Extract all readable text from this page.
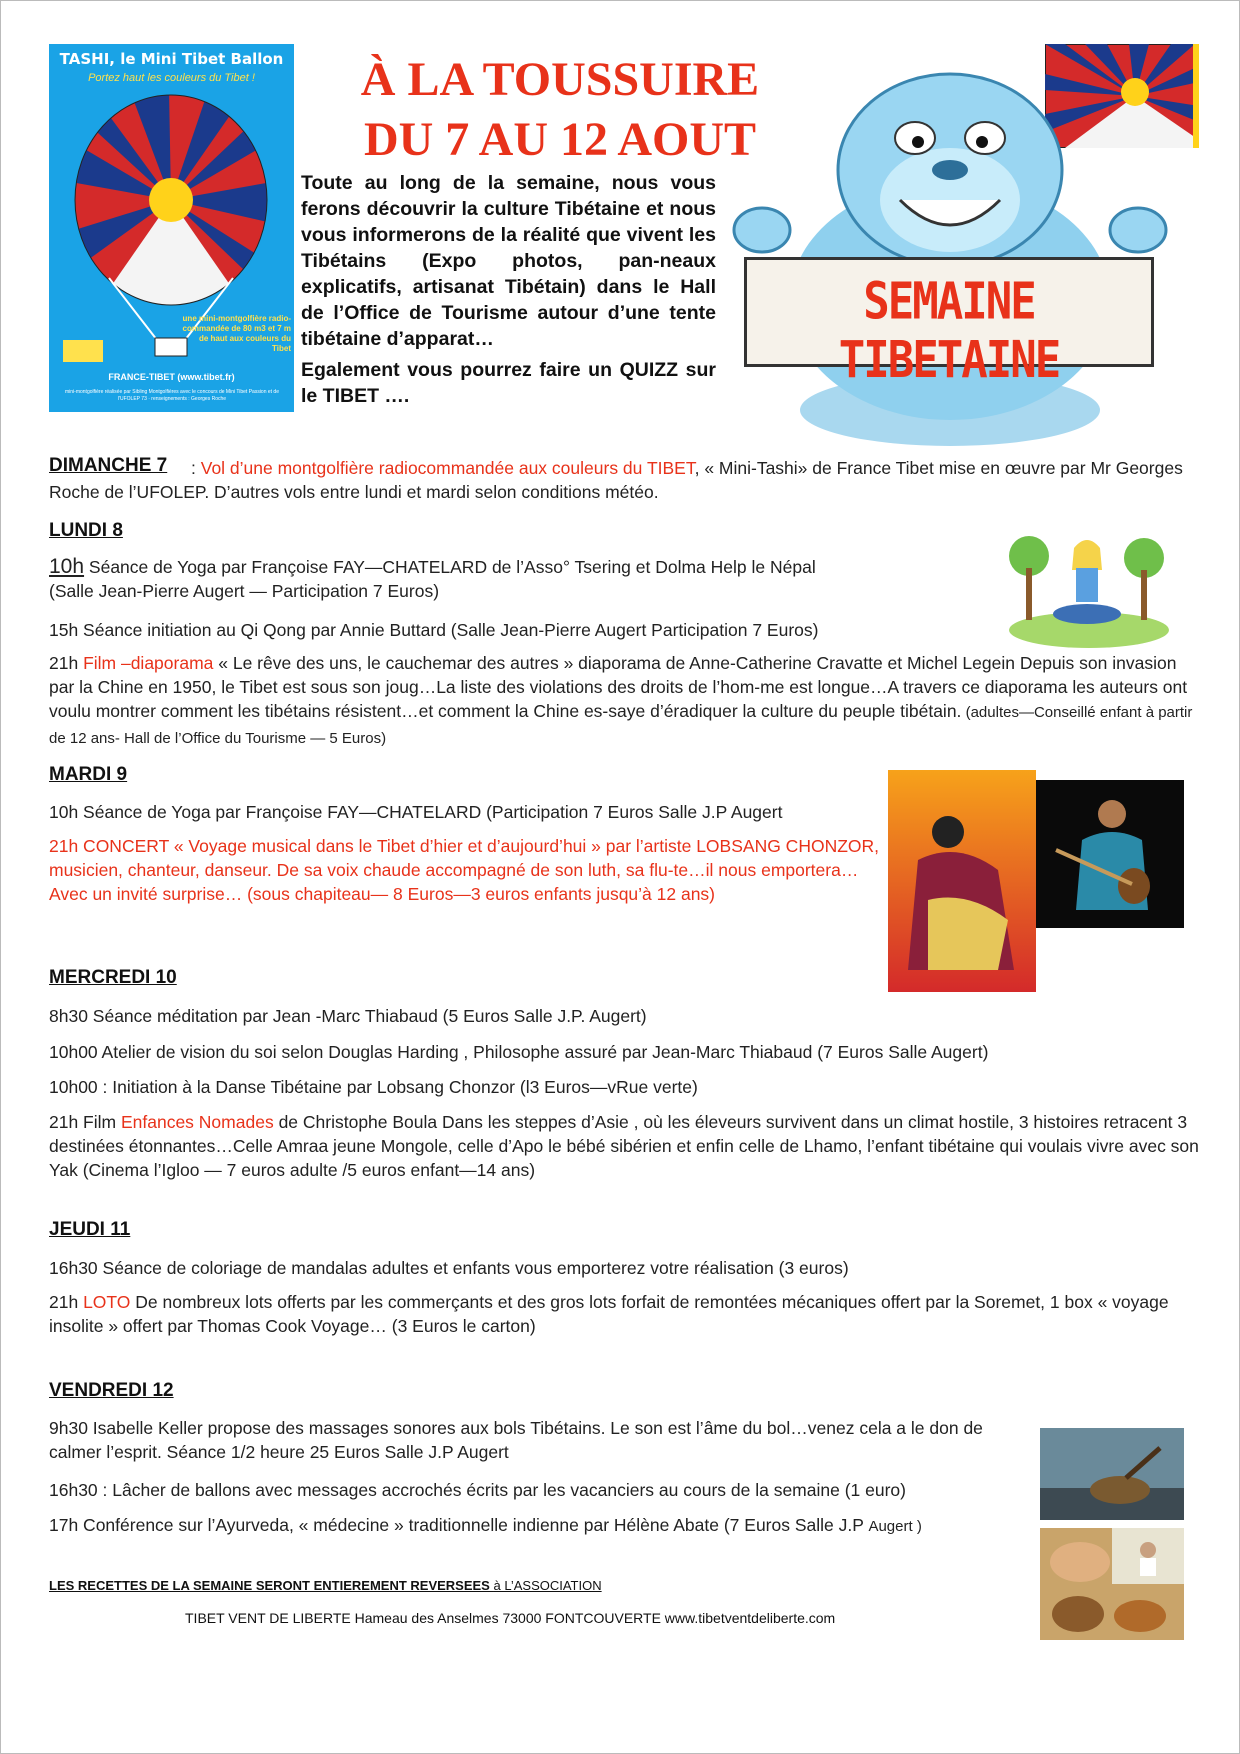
TASHI, le Mini Tibet Ballon
Portez haut les couleurs du Tibet !
une mini-montgolfière radio-commandée de 80 m3 et 7 m de haut aux couleurs du Tibet
FRANCE-TIBET (www.tibet.fr)
mini-montgolfière réalisée par Sibling Montgolfières avec le concours de Mini Tibet Passion et de l'UFOLEP 73 · renseignements : Georges Roche
À LA TOUSSUIRE
DU 7 AU 12 AOUT

Toute au long de la semaine, nous vous ferons découvrir la culture Tibétaine et nous vous informerons de la réalité que vivent les Tibétains (Expo photos, pan-neaux explicatifs, artisanat Tibétain) dans le Hall de l’Office de Tourisme autour d’une tente tibétaine d’apparat…

Egalement vous pourrez faire un QUIZZ sur le TIBET ….

SEMAINE TIBETAINE
DIMANCHE 7	: Vol d’une montgolfière radiocommandée aux couleurs du TIBET, « Mini-Tashi» de France Tibet mise en œuvre par Mr Georges Roche de l’UFOLEP. D’autres vols entre lundi et mardi selon conditions météo.
LUNDI 8
10h Séance de Yoga par Françoise FAY—CHATELARD de l’Asso° Tsering et Dolma Help le Népal
(Salle Jean-Pierre Augert — Participation 7 Euros)
15h Séance initiation au Qi Qong par Annie Buttard (Salle Jean-Pierre Augert Participation 7 Euros)
21h Film –diaporama « Le rêve des uns, le cauchemar des autres » diaporama de Anne-Catherine Cravatte et Michel Legein Depuis son invasion par la Chine en 1950, le Tibet est sous son joug…La liste des violations des droits de l’hom-me est longue…A travers ce diaporama les auteurs ont voulu montrer comment les tibétains résistent…et comment la Chine es-saye d’éradiquer la culture du peuple tibétain. (adultes—Conseillé enfant à partir de 12 ans- Hall de l’Office du Tourisme — 5 Euros)
MARDI 9
10h Séance de Yoga par Françoise FAY—CHATELARD (Participation 7 Euros Salle J.P Augert
21h CONCERT « Voyage musical dans le Tibet d’hier et d’aujourd’hui » par l’artiste LOBSANG CHONZOR, musicien, chanteur, danseur. De sa voix chaude accompagné de son luth, sa flu-te…il nous emportera… Avec un invité surprise… (sous chapiteau— 8 Euros—3 euros enfants jusqu’à 12 ans)
MERCREDI 10
8h30 Séance méditation par Jean -Marc Thiabaud (5 Euros Salle J.P. Augert)
10h00 Atelier de vision du soi selon Douglas Harding , Philosophe assuré par Jean-Marc Thiabaud (7 Euros Salle Augert)
10h00 : Initiation à la Danse Tibétaine par Lobsang Chonzor (l3 Euros—vRue verte)
21h Film Enfances Nomades de Christophe Boula Dans les steppes d’Asie , où les éleveurs survivent dans un climat hostile, 3 histoires retracent 3 destinées étonnantes…Celle Amraa jeune Mongole, celle d’Apo le bébé sibérien et enfin celle de Lhamo, l’enfant tibétaine qui voulais vivre avec son Yak (Cinema l’Igloo — 7 euros adulte /5 euros enfant—14 ans)
JEUDI 11
16h30 Séance de coloriage de mandalas adultes et enfants vous emporterez votre réalisation (3 euros)
21h LOTO De nombreux lots offerts par les commerçants et des gros lots forfait de remontées mécaniques offert par la Soremet, 1 box « voyage insolite » offert par Thomas Cook Voyage… (3 Euros le carton)
VENDREDI 12
9h30 Isabelle Keller propose des massages sonores aux bols Tibétains. Le son est l’âme du bol…venez cela a le don de calmer l’esprit. Séance 1/2 heure 25 Euros Salle J.P Augert
16h30 : Lâcher de ballons avec messages accrochés écrits par les vacanciers au cours de la semaine (1 euro)
17h Conférence sur l’Ayurveda, « médecine » traditionnelle indienne par Hélène Abate (7 Euros Salle J.P Augert )
LES RECETTES DE LA SEMAINE SERONT ENTIEREMENT REVERSEES à L’ASSOCIATION
TIBET VENT DE LIBERTE Hameau des Anselmes 73000 FONTCOUVERTE www.tibetventdeliberte.com
